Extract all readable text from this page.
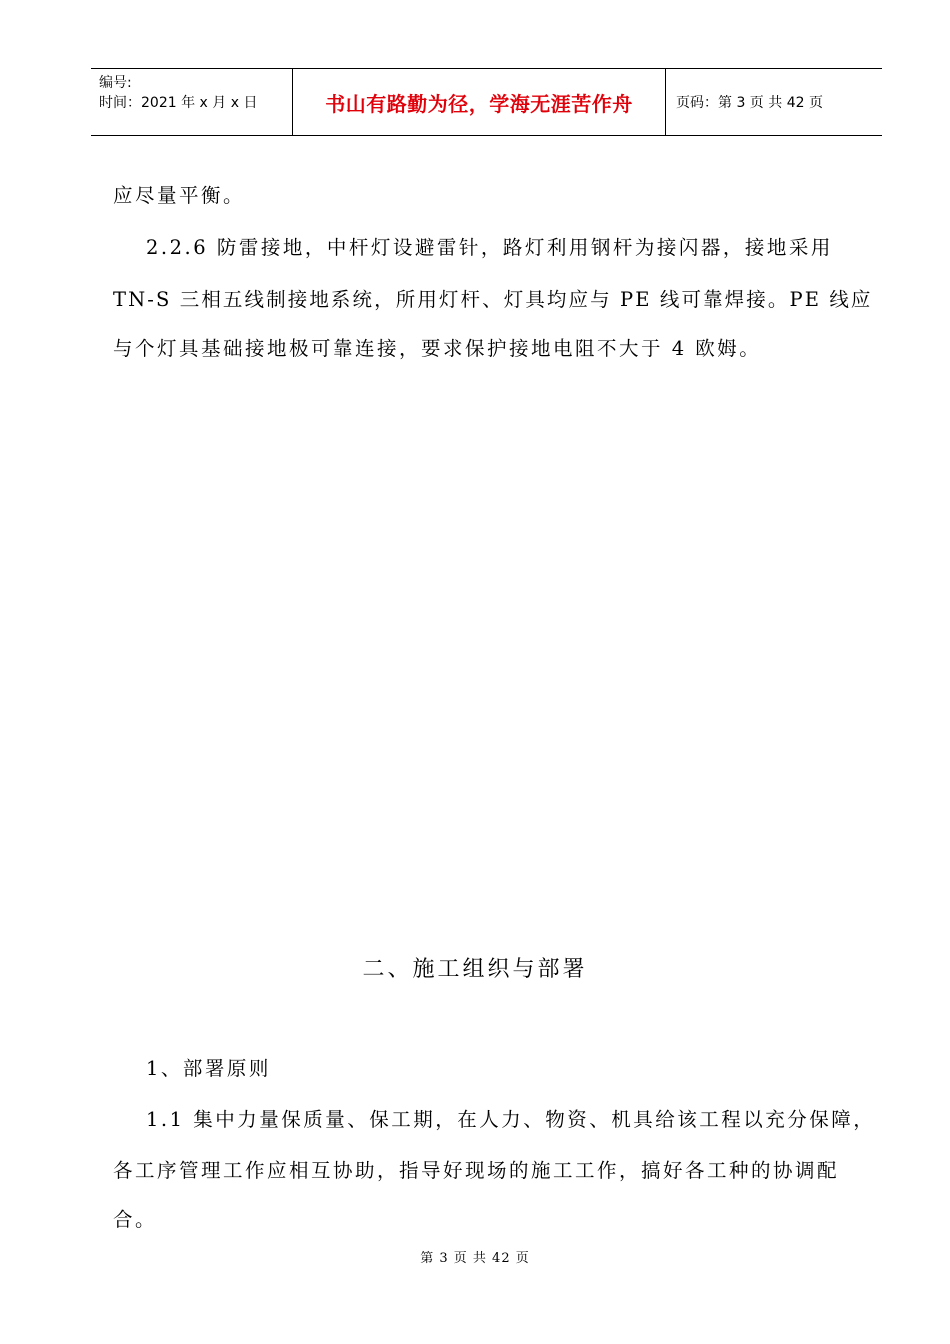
编号:
时间：2021 年 x 月 x 日	书山有路勤为径，学海无涯苦作舟	页码：第 3 页 共 42 页
应尽量平衡。
2.2.6 防雷接地，中杆灯设避雷针，路灯利用钢杆为接闪器，接地采用
TN-S 三相五线制接地系统，所用灯杆、灯具均应与 PE 线可靠焊接。PE 线应
与个灯具基础接地极可靠连接，要求保护接地电阻不大于 4 欧姆。
二、施工组织与部署
1、部署原则
1.1 集中力量保质量、保工期，在人力、物资、机具给该工程以充分保障，
各工序管理工作应相互协助，指导好现场的施工工作，搞好各工种的协调配
合。
第 3 页 共 42 页
